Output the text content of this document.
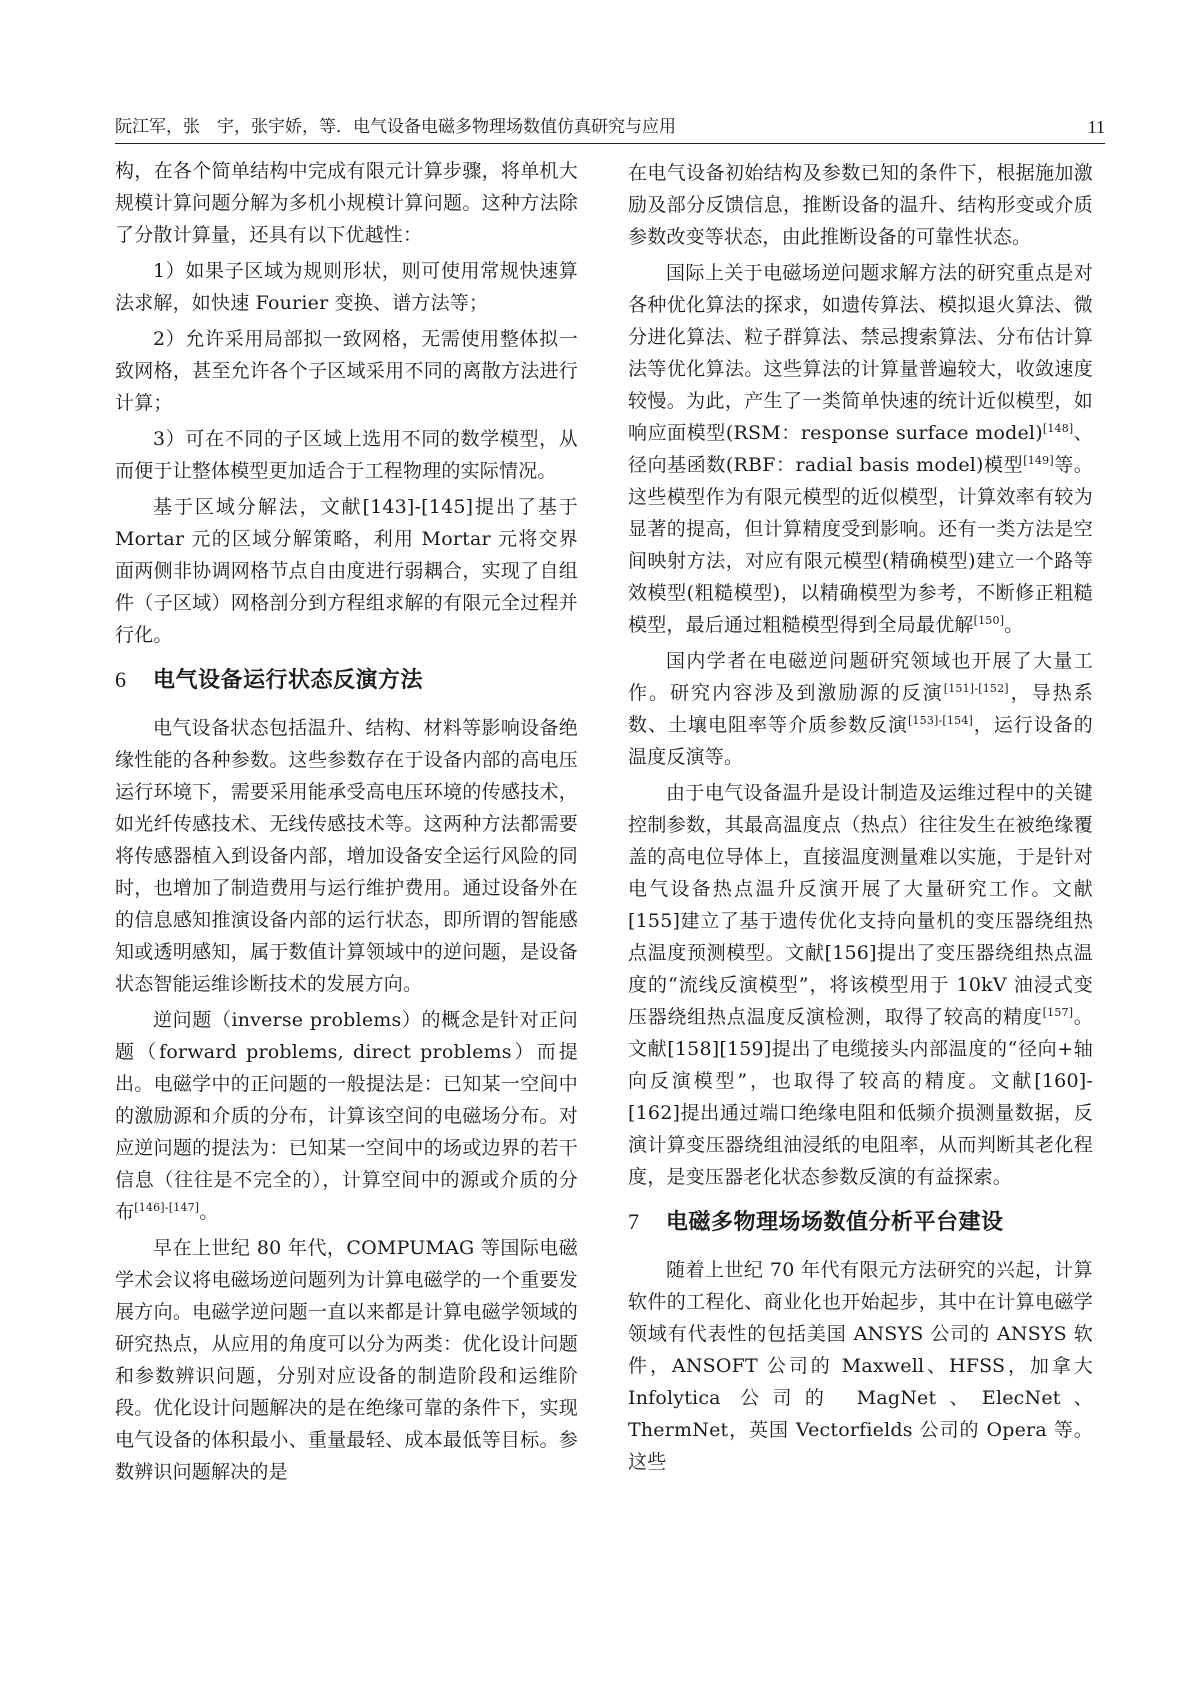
阮江军，张　宇，张宇娇，等．电气设备电磁多物理场数值仿真研究与应用	11

构，在各个简单结构中完成有限元计算步骤，将单机大规模计算问题分解为多机小规模计算问题。这种方法除了分散计算量，还具有以下优越性：

1）如果子区域为规则形状，则可使用常规快速算法求解，如快速 Fourier 变换、谱方法等；

2）允许采用局部拟一致网格，无需使用整体拟一致网格，甚至允许各个子区域采用不同的离散方法进行计算；

3）可在不同的子区域上选用不同的数学模型，从而便于让整体模型更加适合于工程物理的实际情况。

基于区域分解法，文献[143]-[145]提出了基于 Mortar 元的区域分解策略，利用 Mortar 元将交界面两侧非协调网格节点自由度进行弱耦合，实现了自组件（子区域）网格剖分到方程组求解的有限元全过程并行化。

6 电气设备运行状态反演方法

电气设备状态包括温升、结构、材料等影响设备绝缘性能的各种参数。这些参数存在于设备内部的高电压运行环境下，需要采用能承受高电压环境的传感技术，如光纤传感技术、无线传感技术等。这两种方法都需要将传感器植入到设备内部，增加设备安全运行风险的同时，也增加了制造费用与运行维护费用。通过设备外在的信息感知推演设备内部的运行状态，即所谓的智能感知或透明感知，属于数值计算领域中的逆问题，是设备状态智能运维诊断技术的发展方向。

逆问题（inverse problems）的概念是针对正问题（forward problems, direct problems）而提出。电磁学中的正问题的一般提法是：已知某一空间中的激励源和介质的分布，计算该空间的电磁场分布。对应逆问题的提法为：已知某一空间中的场或边界的若干信息（往往是不完全的），计算空间中的源或介质的分布[146]-[147]。

早在上世纪 80 年代，COMPUMAG 等国际电磁学术会议将电磁场逆问题列为计算电磁学的一个重要发展方向。电磁学逆问题一直以来都是计算电磁学领域的研究热点，从应用的角度可以分为两类：优化设计问题和参数辨识问题，分别对应设备的制造阶段和运维阶段。优化设计问题解决的是在绝缘可靠的条件下，实现电气设备的体积最小、重量最轻、成本最低等目标。参数辨识问题解决的是

在电气设备初始结构及参数已知的条件下，根据施加激励及部分反馈信息，推断设备的温升、结构形变或介质参数改变等状态，由此推断设备的可靠性状态。

国际上关于电磁场逆问题求解方法的研究重点是对各种优化算法的探求，如遗传算法、模拟退火算法、微分进化算法、粒子群算法、禁忌搜索算法、分布估计算法等优化算法。这些算法的计算量普遍较大，收敛速度较慢。为此，产生了一类简单快速的统计近似模型，如响应面模型(RSM：response surface model)[148]、径向基函数(RBF：radial basis model)模型[149]等。这些模型作为有限元模型的近似模型，计算效率有较为显著的提高，但计算精度受到影响。还有一类方法是空间映射方法，对应有限元模型(精确模型)建立一个路等效模型(粗糙模型)，以精确模型为参考，不断修正粗糙模型，最后通过粗糙模型得到全局最优解[150]。

国内学者在电磁逆问题研究领域也开展了大量工作。研究内容涉及到激励源的反演[151]-[152]，导热系数、土壤电阻率等介质参数反演[153]-[154]，运行设备的温度反演等。

由于电气设备温升是设计制造及运维过程中的关键控制参数，其最高温度点（热点）往往发生在被绝缘覆盖的高电位导体上，直接温度测量难以实施，于是针对电气设备热点温升反演开展了大量研究工作。文献[155]建立了基于遗传优化支持向量机的变压器绕组热点温度预测模型。文献[156]提出了变压器绕组热点温度的“流线反演模型”，将该模型用于 10kV 油浸式变压器绕组热点温度反演检测，取得了较高的精度[157]。文献[158][159]提出了电缆接头内部温度的“径向+轴向反演模型”，也取得了较高的精度。文献[160]-[162]提出通过端口绝缘电阻和低频介损测量数据，反演计算变压器绕组油浸纸的电阻率，从而判断其老化程度，是变压器老化状态参数反演的有益探索。

7 电磁多物理场场数值分析平台建设

随着上世纪 70 年代有限元方法研究的兴起，计算软件的工程化、商业化也开始起步，其中在计算电磁学领域有代表性的包括美国 ANSYS 公司的 ANSYS 软件，ANSOFT 公司的 Maxwell、HFSS，加拿大 Infolytica 公司的 MagNet、ElecNet、ThermNet，英国 Vectorfields 公司的 Opera 等。这些
